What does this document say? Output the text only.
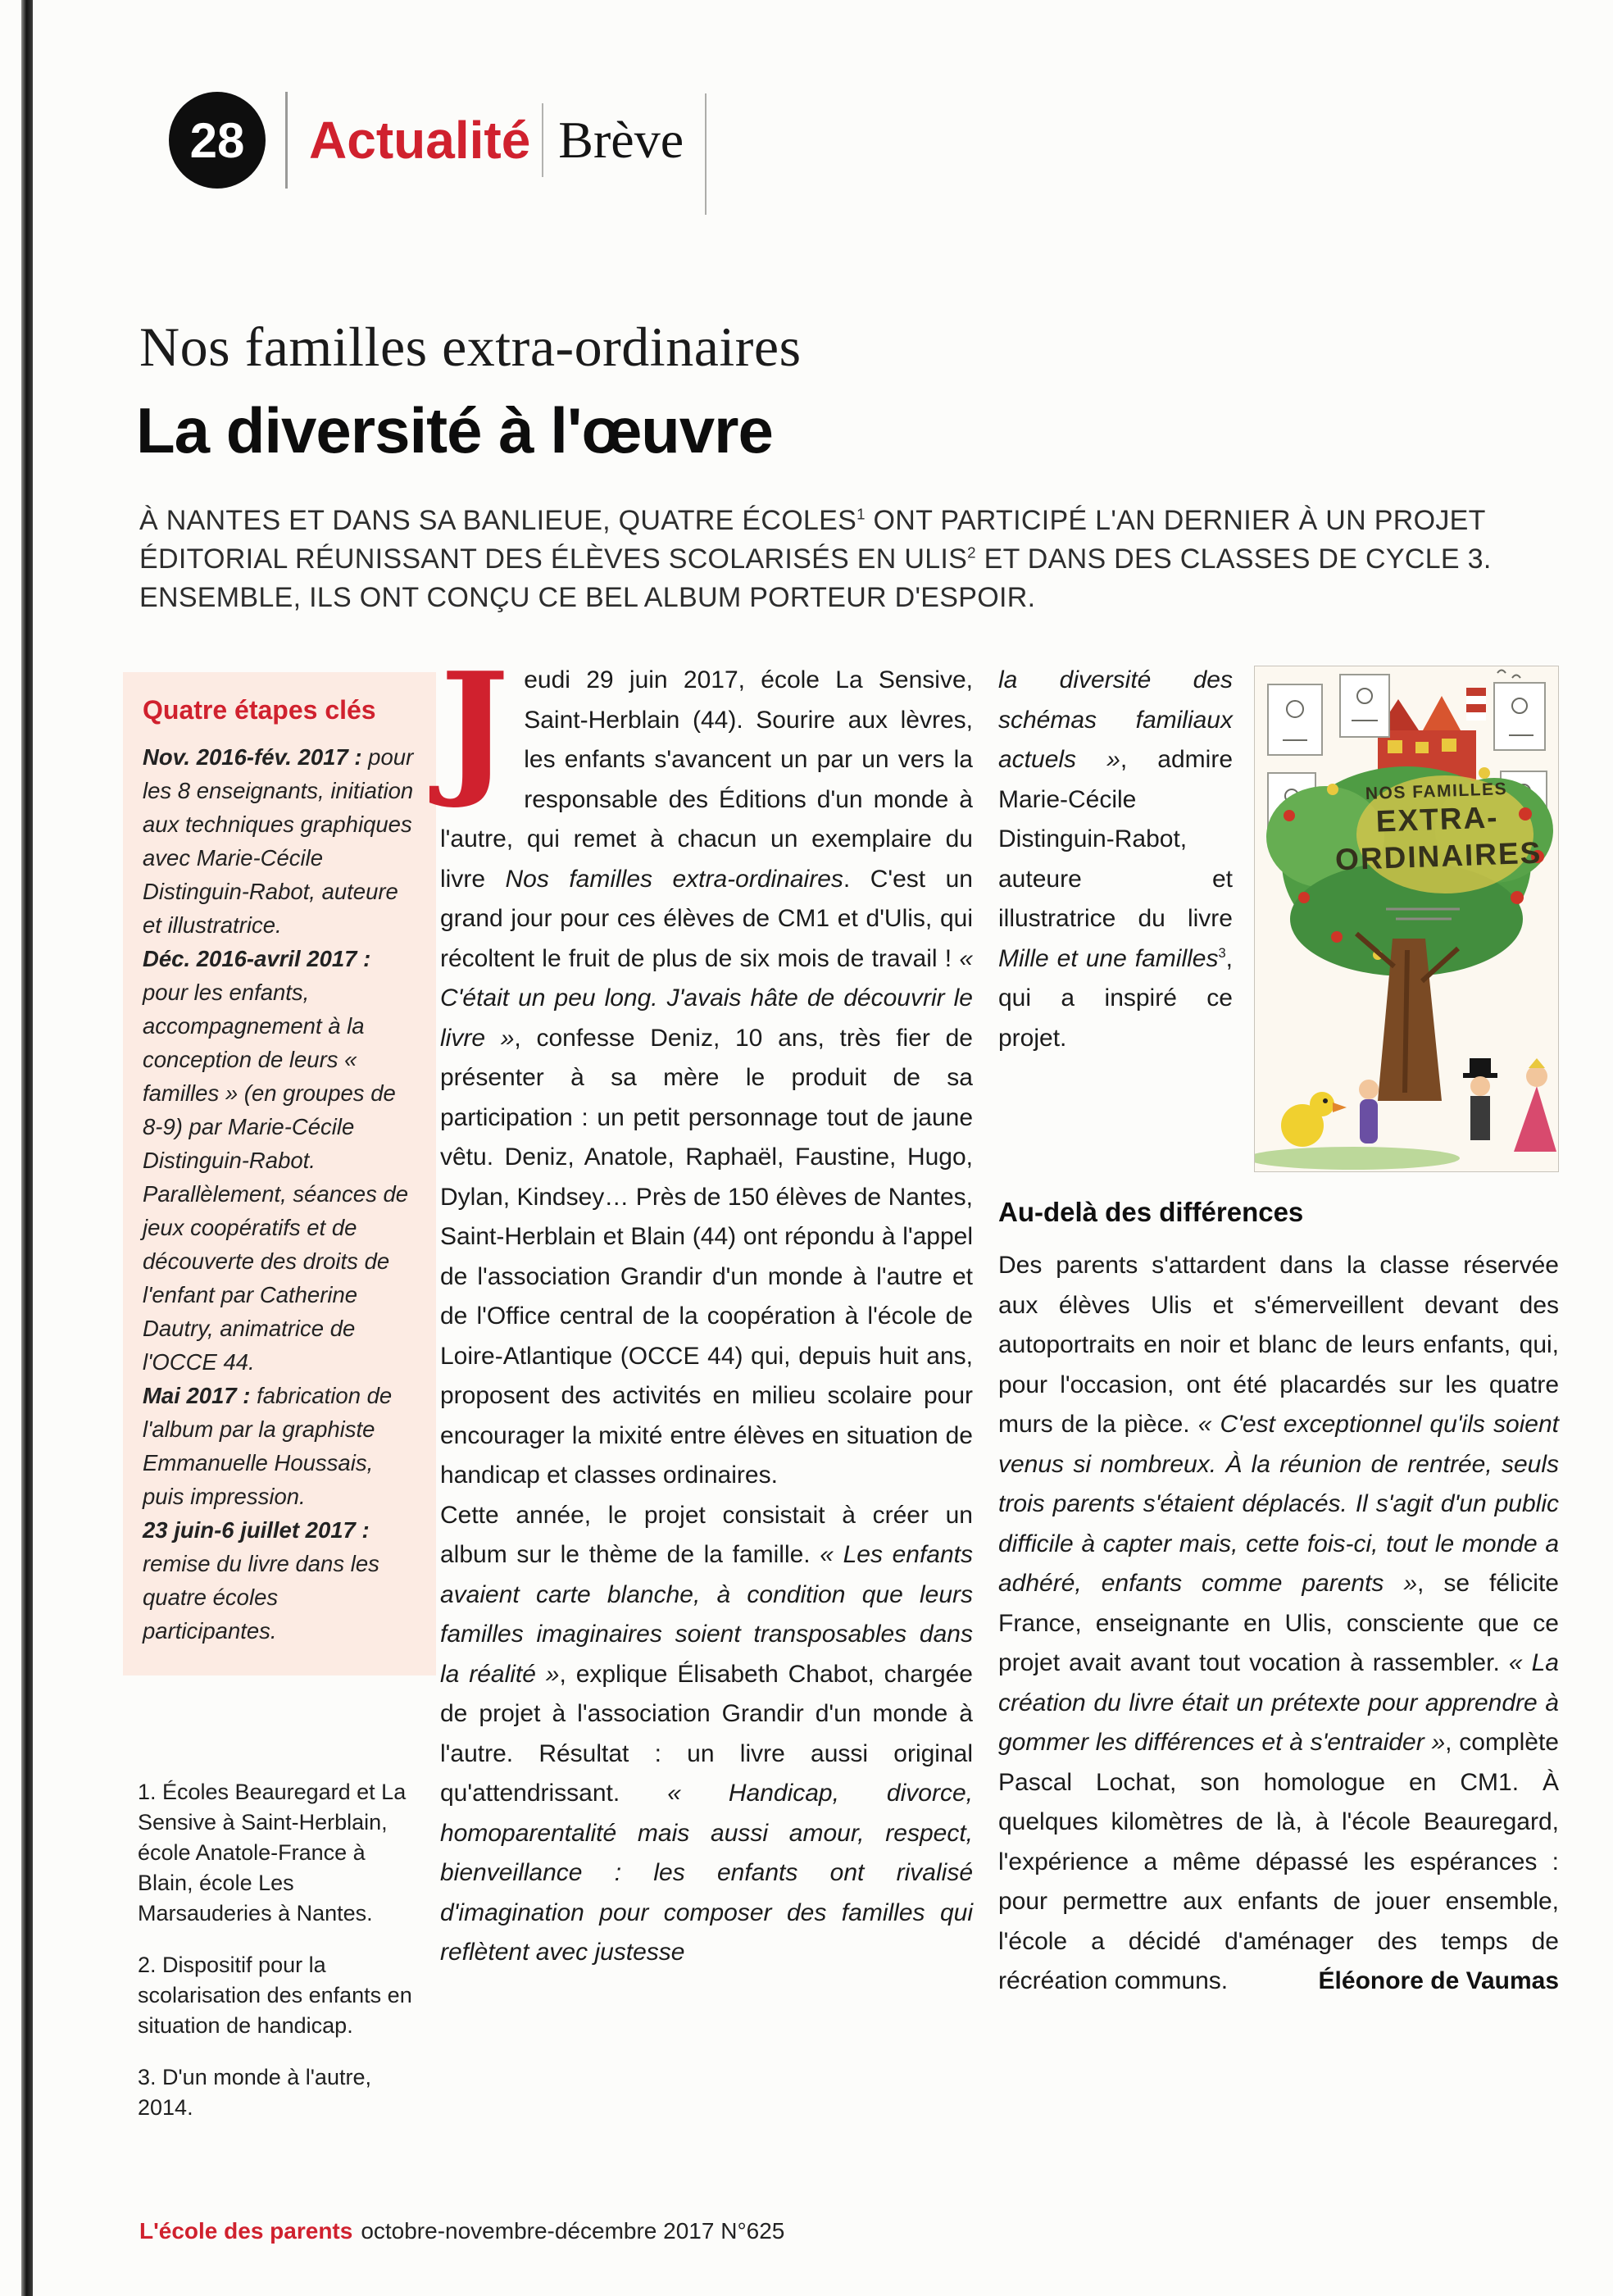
28 Actualité Brève
Nos familles extra-ordinaires
La diversité à l'œuvre

À NANTES ET DANS SA BANLIEUE, QUATRE ÉCOLES$^1$ ONT PARTICIPÉ L'AN DERNIER À UN PROJET ÉDITORIAL RÉUNISSANT DES ÉLÈVES SCOLARISÉS EN ULIS$^2$ ET DANS DES CLASSES DE CYCLE 3. ENSEMBLE, ILS ONT CONÇU CE BEL ALBUM PORTEUR D'ESPOIR.

Quatre étapes clés

Nov. 2016-fév. 2017 : pour les 8 enseignants, initiation aux techniques graphiques avec Marie-Cécile Distinguin-Rabot, auteure et illustratrice.

Déc. 2016-avril 2017 : pour les enfants, accompagnement à la conception de leurs « familles » (en groupes de 8-9) par Marie-Cécile Distinguin-Rabot. Parallèlement, séances de jeux coopératifs et de découverte des droits de l'enfant par Catherine Dautry, animatrice de l'OCCE 44.

Mai 2017 : fabrication de l'album par la graphiste Emmanuelle Houssais, puis impression.

23 juin-6 juillet 2017 : remise du livre dans les quatre écoles participantes.

1. Écoles Beauregard et La Sensive à Saint-Herblain, école Anatole-France à Blain, école Les Marsauderies à Nantes.

2. Dispositif pour la scolarisation des enfants en situation de handicap.

3. D'un monde à l'autre, 2014.

Jeudi 29 juin 2017, école La Sensive, Saint-Herblain (44). Sourire aux lèvres, les enfants s'avancent un par un vers la responsable des Éditions d'un monde à l'autre, qui remet à chacun un exemplaire du livre Nos familles extra-ordinaires. C'est un grand jour pour ces élèves de CM1 et d'Ulis, qui récoltent le fruit de plus de six mois de travail ! « C'était un peu long. J'avais hâte de découvrir le livre », confesse Deniz, 10 ans, très fier de présenter à sa mère le produit de sa participation : un petit personnage tout de jaune vêtu. Deniz, Anatole, Raphaël, Faustine, Hugo, Dylan, Kindsey… Près de 150 élèves de Nantes, Saint-Herblain et Blain (44) ont répondu à l'appel de l'association Grandir d'un monde à l'autre et de l'Office central de la coopération à l'école de Loire-Atlantique (OCCE 44) qui, depuis huit ans, proposent des activités en milieu scolaire pour encourager la mixité entre élèves en situation de handicap et classes ordinaires.

Cette année, le projet consistait à créer un album sur le thème de la famille. « Les enfants avaient carte blanche, à condition que leurs familles imaginaires soient transposables dans la réalité », explique Élisabeth Chabot, chargée de projet à l'association Grandir d'un monde à l'autre. Résultat : un livre aussi original qu'attendrissant. « Handicap, divorce, homoparentalité mais aussi amour, respect, bienveillance : les enfants ont rivalisé d'imagination pour composer des familles qui reflètent avec justesse

NOS FAMILLES
EXTRA-
ORDINAIRES

la diversité des schémas familiaux actuels », admire Marie-Cécile Distinguin-Rabot, auteure et illustratrice du livre Mille et une familles$^3$, qui a inspiré ce projet.

Au-delà des différences

Des parents s'attardent dans la classe réservée aux élèves Ulis et s'émerveillent devant des autoportraits en noir et blanc de leurs enfants, qui, pour l'occasion, ont été placardés sur les quatre murs de la pièce. « C'est exceptionnel qu'ils soient venus si nombreux. À la réunion de rentrée, seuls trois parents s'étaient déplacés. Il s'agit d'un public difficile à capter mais, cette fois-ci, tout le monde a adhéré, enfants comme parents », se félicite France, enseignante en Ulis, consciente que ce projet avait avant tout vocation à rassembler. « La création du livre était un prétexte pour apprendre à gommer les différences et à s'entraider », complète Pascal Lochat, son homologue en CM1. À quelques kilomètres de là, à l'école Beauregard, l'expérience a même dépassé les espérances : pour permettre aux enfants de jouer ensemble, l'école a décidé d'aménager des temps de récréation communs.	Éléonore de Vaumas

L'école des parents octobre-novembre-décembre 2017 N°625
